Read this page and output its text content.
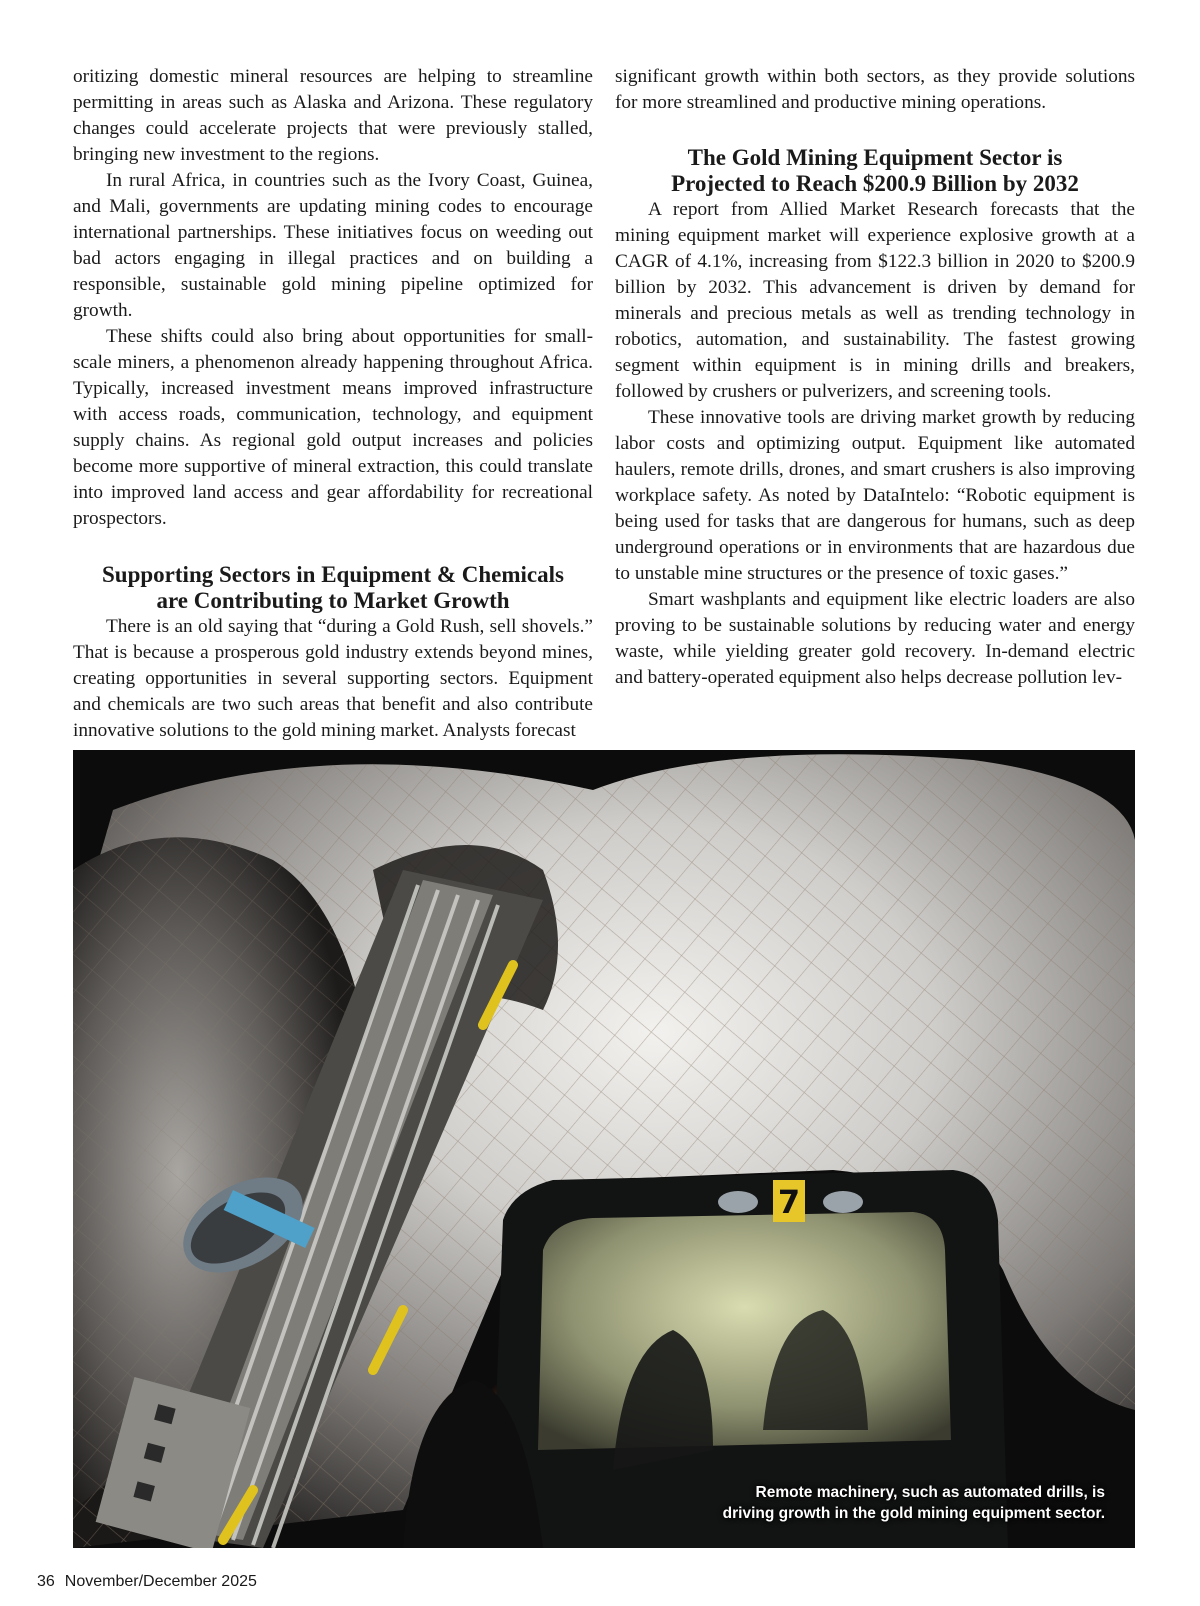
oritizing domestic mineral resources are helping to streamline permitting in areas such as Alaska and Arizona. These regulatory changes could accelerate projects that were previously stalled, bringing new investment to the regions.

In rural Africa, in countries such as the Ivory Coast, Guinea, and Mali, governments are updating mining codes to encourage international partnerships. These initiatives focus on weeding out bad actors engaging in illegal practices and on building a responsible, sustainable gold mining pipeline optimized for growth.

These shifts could also bring about opportunities for small-scale miners, a phenomenon already happening throughout Africa. Typically, increased investment means improved infrastructure with access roads, communication, technology, and equipment supply chains. As regional gold output increases and policies become more supportive of mineral extraction, this could translate into improved land access and gear affordability for recreational prospectors.

Supporting Sectors in Equipment & Chemicals
are Contributing to Market Growth

There is an old saying that “during a Gold Rush, sell shovels.” That is because a prosperous gold industry extends beyond mines, creating opportunities in several supporting sectors. Equipment and chemicals are two such areas that benefit and also contribute innovative solutions to the gold mining market. Analysts forecast

significant growth within both sectors, as they provide solutions for more streamlined and productive mining operations.

The Gold Mining Equipment Sector is
Projected to Reach $200.9 Billion by 2032

A report from Allied Market Research forecasts that the mining equipment market will experience explosive growth at a CAGR of 4.1%, increasing from $122.3 billion in 2020 to $200.9 billion by 2032. This advancement is driven by demand for minerals and precious metals as well as trending technology in robotics, automation, and sustainability. The fastest growing segment within equipment is in mining drills and breakers, followed by crushers or pulverizers, and screening tools.

These innovative tools are driving market growth by reducing labor costs and optimizing output. Equipment like automated haulers, remote drills, drones, and smart crushers is also improving workplace safety. As noted by DataIntelo: “Robotic equipment is being used for tasks that are dangerous for humans, such as deep underground operations or in environments that are hazardous due to unstable mine structures or the presence of toxic gases.”

Smart washplants and equipment like electric loaders are also proving to be sustainable solutions by reducing water and energy waste, while yielding greater gold recovery. In-demand electric and battery-operated equipment also helps decrease pollution lev-

7
Remote machinery, such as automated drills, is
driving growth in the gold mining equipment sector.
36 November/December 2025
